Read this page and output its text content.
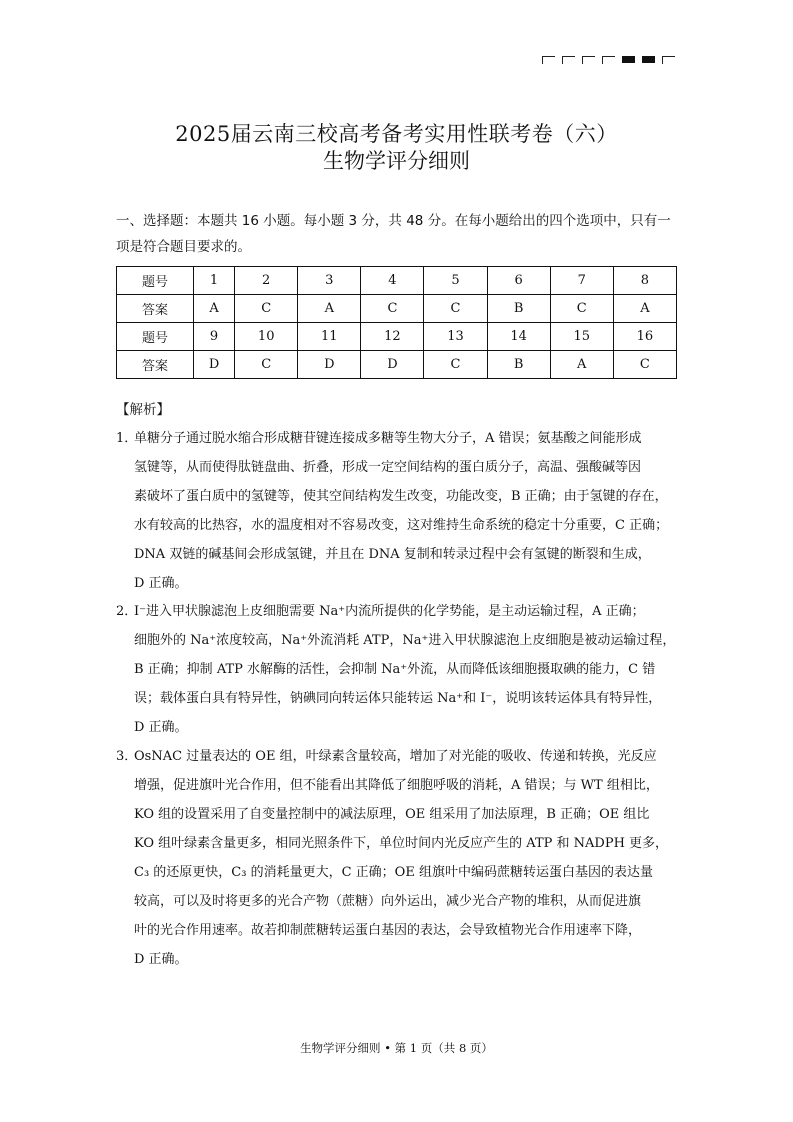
2025届云南三校高考备考实用性联考卷（六）
生物学评分细则
一、选择题：本题共 16 小题。每小题 3 分，共 48 分。在每小题给出的四个选项中，只有一
项是符合题目要求的。
题号	1	2	3	4	5	6	7	8
答案	A	C	A	C	C	B	C	A
题号	9	10	11	12	13	14	15	16
答案	D	C	D	D	C	B	A	C
【解析】
1．
单糖分子通过脱水缩合形成糖苷键连接成多糖等生物大分子，A 错误；氨基酸之间能形成
氢键等，从而使得肽链盘曲、折叠，形成一定空间结构的蛋白质分子，高温、强酸碱等因
素破坏了蛋白质中的氢键等，使其空间结构发生改变，功能改变，B 正确；由于氢键的存在，
水有较高的比热容，水的温度相对不容易改变，这对维持生命系统的稳定十分重要，C 正确；
DNA 双链的碱基间会形成氢键，并且在 DNA 复制和转录过程中会有氢键的断裂和生成，
D 正确。
2．
I⁻进入甲状腺滤泡上皮细胞需要 Na⁺内流所提供的化学势能，是主动运输过程，A 正确；
细胞外的 Na⁺浓度较高，Na⁺外流消耗 ATP，Na⁺进入甲状腺滤泡上皮细胞是被动运输过程，
B 正确；抑制 ATP 水解酶的活性，会抑制 Na⁺外流，从而降低该细胞摄取碘的能力，C 错
误；载体蛋白具有特异性，钠碘同向转运体只能转运 Na⁺和 I⁻，说明该转运体具有特异性，
D 正确。
3．
OsNAC 过量表达的 OE 组，叶绿素含量较高，增加了对光能的吸收、传递和转换，光反应
增强，促进旗叶光合作用，但不能看出其降低了细胞呼吸的消耗，A 错误；与 WT 组相比，
KO 组的设置采用了自变量控制中的减法原理，OE 组采用了加法原理，B 正确；OE 组比
KO 组叶绿素含量更多，相同光照条件下，单位时间内光反应产生的 ATP 和 NADPH 更多，
C₃ 的还原更快，C₃ 的消耗量更大，C 正确；OE 组旗叶中编码蔗糖转运蛋白基因的表达量
较高，可以及时将更多的光合产物（蔗糖）向外运出，减少光合产物的堆积，从而促进旗
叶的光合作用速率。故若抑制蔗糖转运蛋白基因的表达，会导致植物光合作用速率下降，
D 正确。
生物学评分细则 • 第 1 页（共 8 页）
